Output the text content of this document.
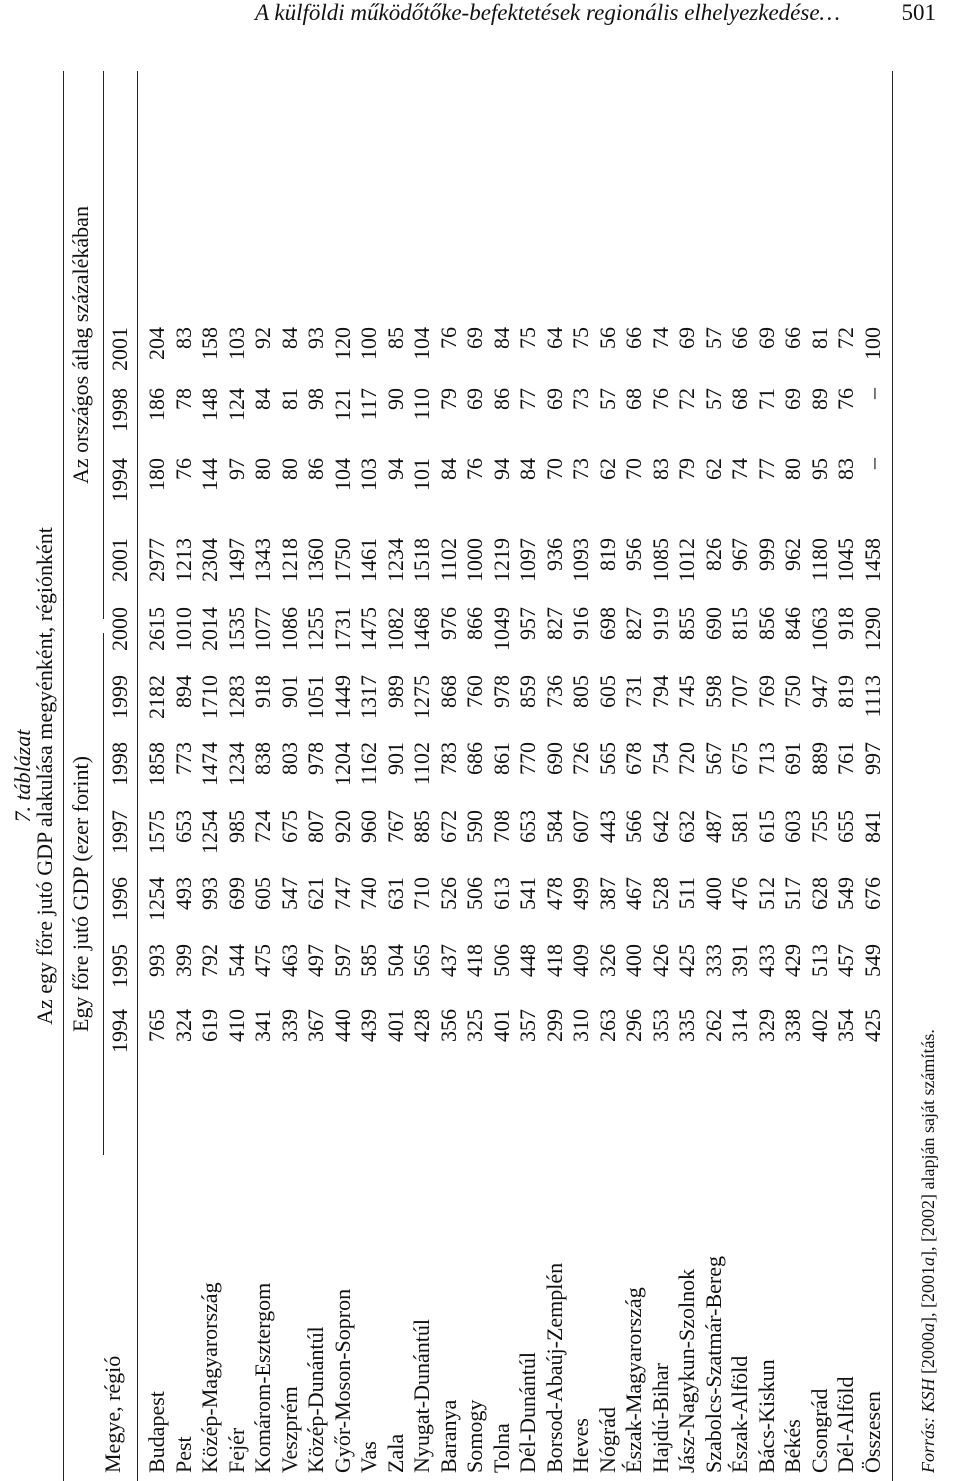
A külföldi működőtőke-befektetések regionális elhelyezkedése…	501
7. táblázat
Az egy főre jutó GDP alakulása megyénként, régiónként
Megye, régió
Egy főre jutó GDP (ezer forint)
Az országos átlag százalékában
1994
1995
1996
1997
1998
1999
2000
2001
1994
1998
2001
Budapest
765
993
1254
1575
1858
2182
2615
2977
180
186
204
Pest
324
399
493
653
773
894
1010
1213
76
78
83
Közép-Magyarország
619
792
993
1254
1474
1710
2014
2304
144
148
158
Fejér
410
544
699
985
1234
1283
1535
1497
97
124
103
Komárom-Esztergom
341
475
605
724
838
918
1077
1343
80
84
92
Veszprém
339
463
547
675
803
901
1086
1218
80
81
84
Közép-Dunántúl
367
497
621
807
978
1051
1255
1360
86
98
93
Győr-Moson-Sopron
440
597
747
920
1204
1449
1731
1750
104
121
120
Vas
439
585
740
960
1162
1317
1475
1461
103
117
100
Zala
401
504
631
767
901
989
1082
1234
94
90
85
Nyugat-Dunántúl
428
565
710
885
1102
1275
1468
1518
101
110
104
Baranya
356
437
526
672
783
868
976
1102
84
79
76
Somogy
325
418
506
590
686
760
866
1000
76
69
69
Tolna
401
506
613
708
861
978
1049
1219
94
86
84
Dél-Dunántúl
357
448
541
653
770
859
957
1097
84
77
75
Borsod-Abaúj-Zemplén
299
418
478
584
690
736
827
936
70
69
64
Heves
310
409
499
607
726
805
916
1093
73
73
75
Nógrád
263
326
387
443
565
605
698
819
62
57
56
Észak-Magyarország
296
400
467
566
678
731
827
956
70
68
66
Hajdú-Bihar
353
426
528
642
754
794
919
1085
83
76
74
Jász-Nagykun-Szolnok
335
425
511
632
720
745
855
1012
79
72
69
Szabolcs-Szatmár-Bereg
262
333
400
487
567
598
690
826
62
57
57
Észak-Alföld
314
391
476
581
675
707
815
967
74
68
66
Bács-Kiskun
329
433
512
615
713
769
856
999
77
71
69
Békés
338
429
517
603
691
750
846
962
80
69
66
Csongrád
402
513
628
755
889
947
1063
1180
95
89
81
Dél-Alföld
354
457
549
655
761
819
918
1045
83
76
72
Összesen
425
549
676
841
997
1113
1290
1458
–
–
100
Forrás: KSH [2000a], [2001a], [2002] alapján saját számítás.
